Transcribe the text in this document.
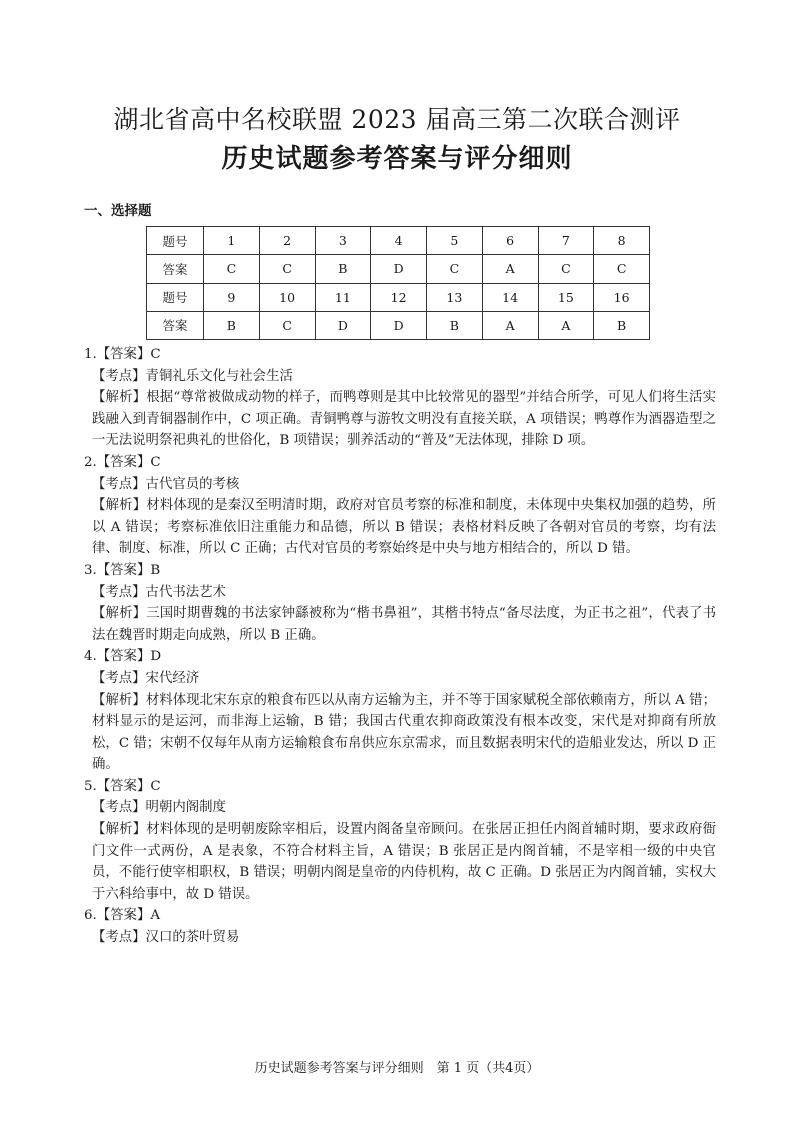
湖北省高中名校联盟 2023 届高三第二次联合测评
历史试题参考答案与评分细则
一、选择题
题号	1	2	3	4	5	6	7	8
答案	C	C	B	D	C	A	C	C
题号	9	10	11	12	13	14	15	16
答案	B	C	D	D	B	A	A	B

1.【答案】C

【考点】青铜礼乐文化与社会生活

【解析】根据“尊常被做成动物的样子，而鸭尊则是其中比较常见的器型”并结合所学，可见人们将生活实践融入到青铜器制作中，C 项正确。青铜鸭尊与游牧文明没有直接关联，A 项错误；鸭尊作为酒器造型之一无法说明祭祀典礼的世俗化，B 项错误；驯养活动的“普及”无法体现，排除 D 项。

2.【答案】C

【考点】古代官员的考核

【解析】材料体现的是秦汉至明清时期，政府对官员考察的标准和制度，未体现中央集权加强的趋势，所以 A 错误；考察标准依旧注重能力和品德，所以 B 错误；表格材料反映了各朝对官员的考察，均有法律、制度、标准，所以 C 正确；古代对官员的考察始终是中央与地方相结合的，所以 D 错。

3.【答案】B

【考点】古代书法艺术

【解析】三国时期曹魏的书法家钟繇被称为“楷书鼻祖”，其楷书特点“备尽法度，为正书之祖”，代表了书法在魏晋时期走向成熟，所以 B 正确。

4.【答案】D

【考点】宋代经济

【解析】材料体现北宋东京的粮食布匹以从南方运输为主，并不等于国家赋税全部依赖南方，所以 A 错；材料显示的是运河，而非海上运输，B 错；我国古代重农抑商政策没有根本改变，宋代是对抑商有所放松，C 错；宋朝不仅每年从南方运输粮食布帛供应东京需求，而且数据表明宋代的造船业发达，所以 D 正确。

5.【答案】C

【考点】明朝内阁制度

【解析】材料体现的是明朝废除宰相后，设置内阁备皇帝顾问。在张居正担任内阁首辅时期，要求政府衙门文件一式两份，A 是表象，不符合材料主旨，A 错误；B 张居正是内阁首辅，不是宰相一级的中央官员，不能行使宰相职权，B 错误；明朝内阁是皇帝的内侍机构，故 C 正确。D 张居正为内阁首辅，实权大于六科给事中，故 D 错误。

6.【答案】A

【考点】汉口的茶叶贸易

历史试题参考答案与评分细则　第 1 页（共4页）
